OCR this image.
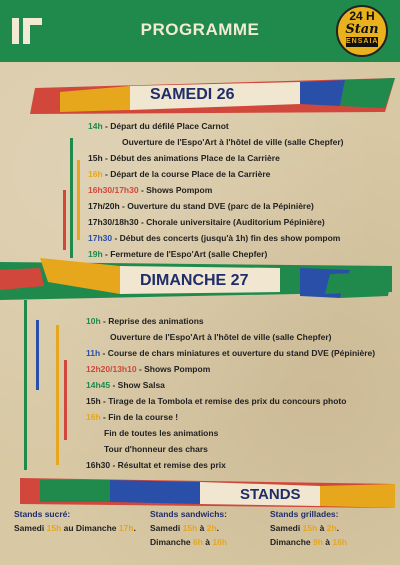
PROGRAMME
24 H
Stan
ENSAIA
SAMEDI 26
14h - Départ du défilé Place Carnot
Ouverture de l'Espo'Art à l'hôtel de ville (salle Chepfer)
15h - Début des animations Place de la Carrière
16h - Départ de la course Place de la Carrière
16h30/17h30 - Shows Pompom
17h/20h - Ouverture du stand DVE (parc de la Pépinière)
17h30/18h30 - Chorale universitaire (Auditorium Pépinière)
17h30 - Début des concerts (jusqu'à 1h) fin des show pompom
19h - Fermeture de l'Espo'Art (salle Chepfer)
DIMANCHE 27
10h - Reprise des animations
Ouverture de l'Espo'Art à l'hôtel de ville (salle Chepfer)
11h - Course de chars miniatures et ouverture du stand DVE (Pépinière)
12h20/13h10 - Shows Pompom
14h45 - Show Salsa
15h - Tirage de la Tombola et remise des prix du concours photo
16h - Fin de la course !
Fin de toutes les animations
Tour d'honneur des chars
16h30 - Résultat et remise des prix
STANDS
Stands sucré:
Samedi 15h au Dimanche 17h.
Stands sandwichs:
Samedi 15h à 2h.
Dimanche 6h à 16h
Stands grillades:
Samedi 15h à 2h.
Dimanche 9h à 16h
